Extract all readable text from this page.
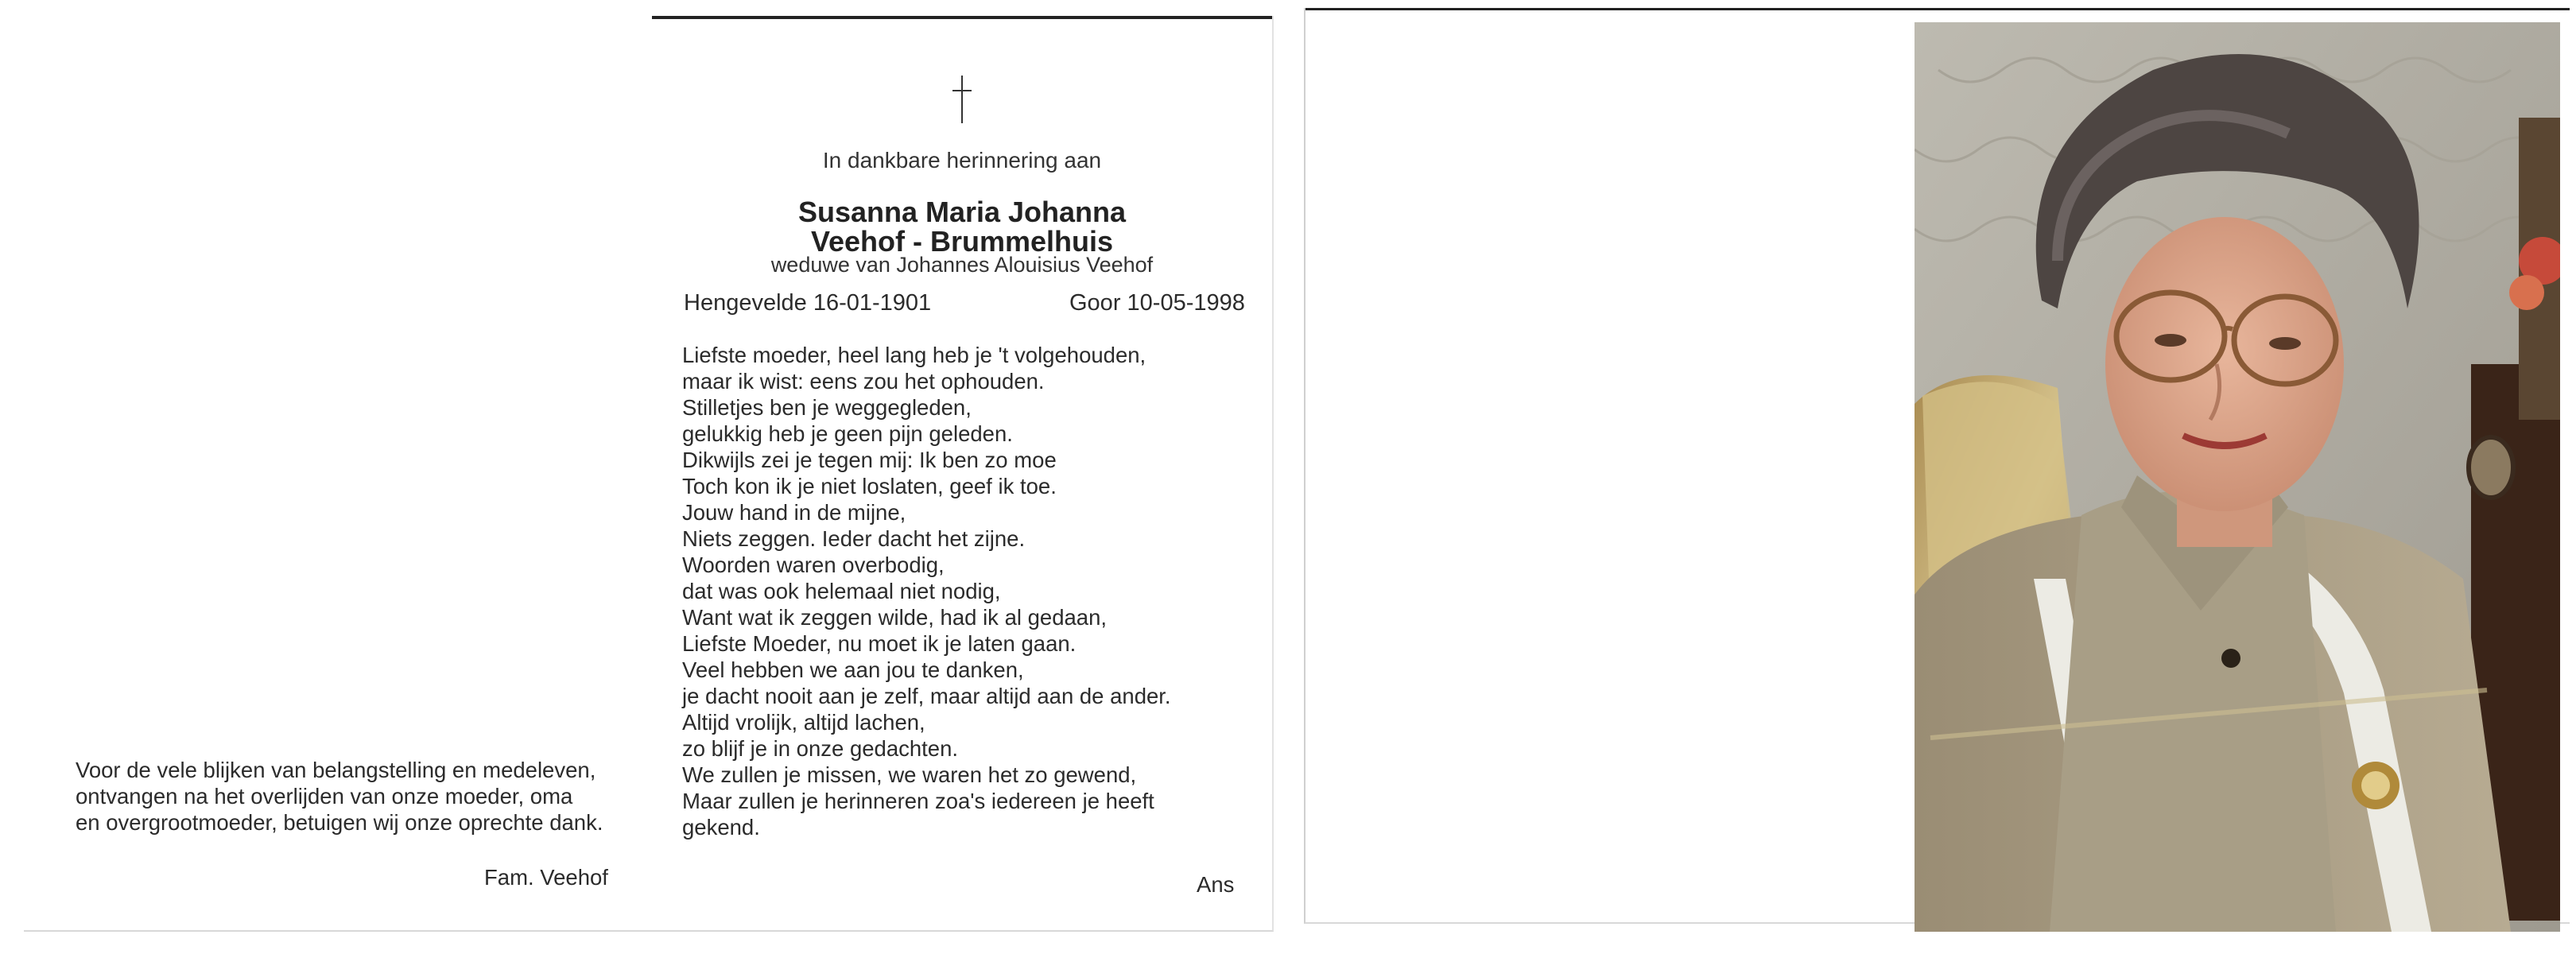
In dankbare herinnering aan
Susanna Maria Johanna
Veehof - Brummelhuis
weduwe van Johannes Alouisius Veehof
Hengevelde 16-01-1901	Goor 10-05-1998
Liefste moeder, heel lang heb je 't volgehouden,
maar ik wist: eens zou het ophouden.
Stilletjes ben je weggegleden,
gelukkig heb je geen pijn geleden.
Dikwijls zei je tegen mij: Ik ben zo moe
Toch kon ik je niet loslaten, geef ik toe.
Jouw hand in de mijne,
Niets zeggen. Ieder dacht het zijne.
Woorden waren overbodig,
dat was ook helemaal niet nodig,
Want wat ik zeggen wilde, had ik al gedaan,
Liefste Moeder, nu moet ik je laten gaan.
Veel hebben we aan jou te danken,
je dacht nooit aan je zelf, maar altijd aan de ander.
Altijd vrolijk, altijd lachen,
zo blijf je in onze gedachten.
We zullen je missen, we waren het zo gewend,
Maar zullen je herinneren zoa's iedereen je heeft
gekend.
Voor de vele blijken van belangstelling en medeleven,
ontvangen na het overlijden van onze moeder, oma
en overgrootmoeder, betuigen wij onze oprechte dank.
Fam. Veehof	Ans
